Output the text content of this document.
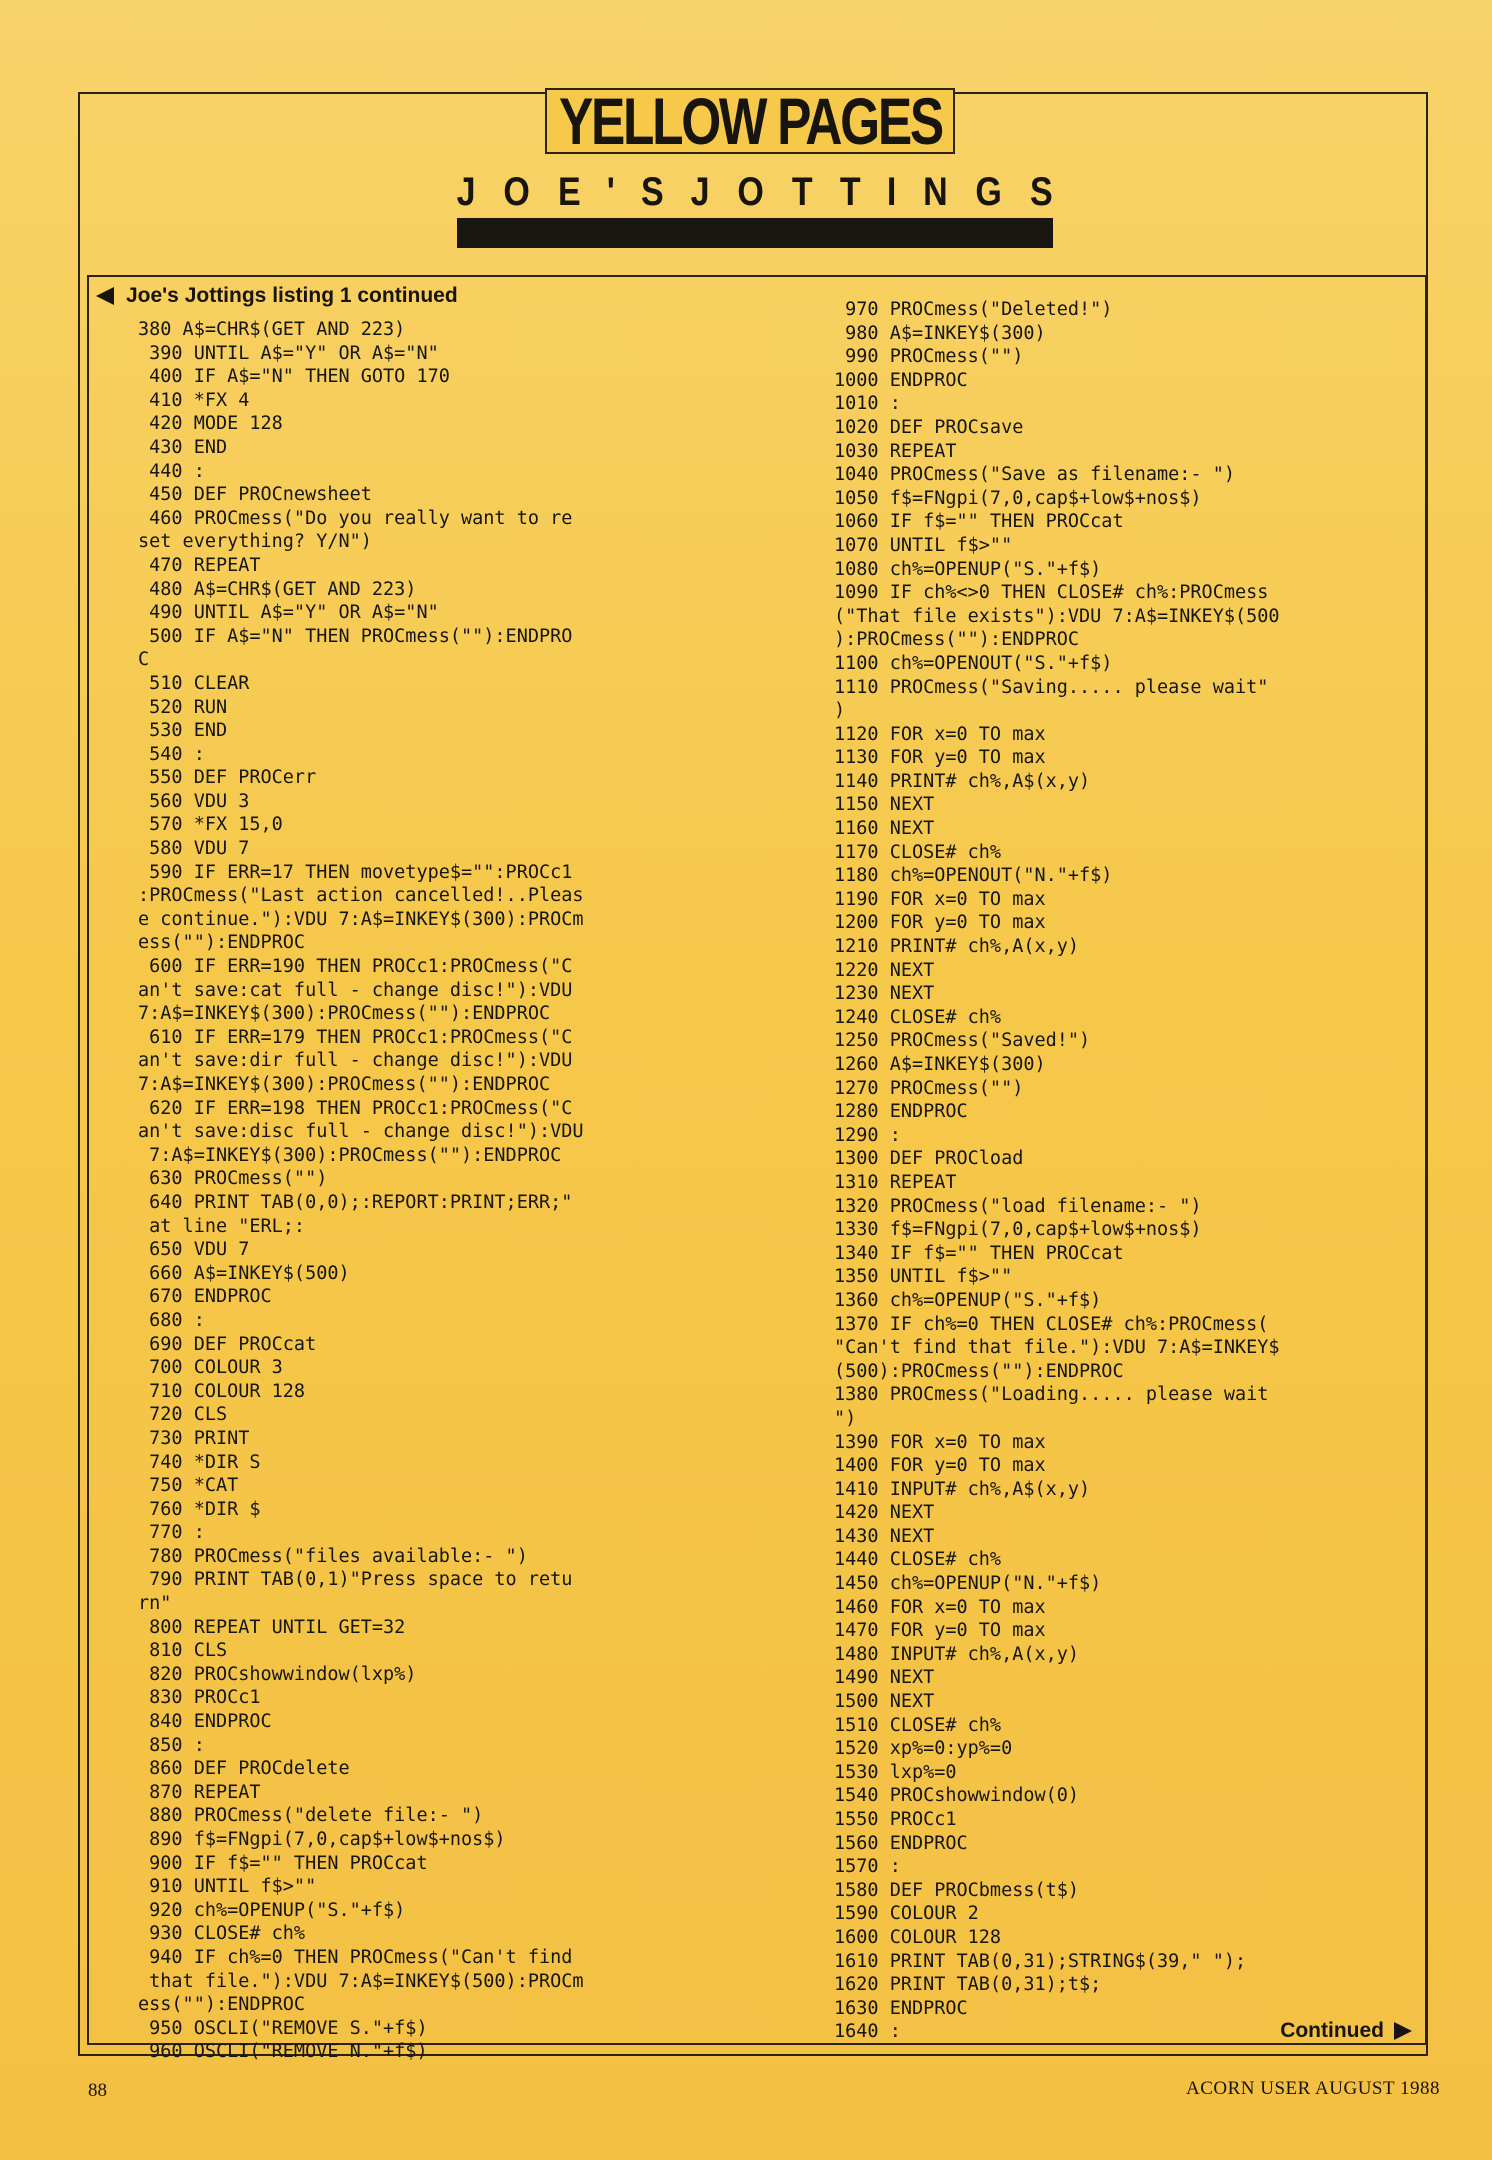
YELLOW PAGES
J O E ' S J O T T I N G S
Joe's Jottings listing 1 continued
380 A$=CHR$(GET AND 223)
390 UNTIL A$="Y" OR A$="N"
400 IF A$="N" THEN GOTO 170
410 *FX 4
420 MODE 128
430 END
440 :
450 DEF PROCnewsheet
460 PROCmess("Do you really want to re
set everything? Y/N")
470 REPEAT
480 A$=CHR$(GET AND 223)
490 UNTIL A$="Y" OR A$="N"
500 IF A$="N" THEN PROCmess(""):ENDPRO
C
510 CLEAR
520 RUN
530 END
540 :
550 DEF PROCerr
560 VDU 3
570 *FX 15,0
580 VDU 7
590 IF ERR=17 THEN movetype$="":PROCc1
:PROCmess("Last action cancelled!..Pleas
e continue."):VDU 7:A$=INKEY$(300):PROCm
ess(""):ENDPROC
600 IF ERR=190 THEN PROCc1:PROCmess("C
an't save:cat full - change disc!"):VDU
7:A$=INKEY$(300):PROCmess(""):ENDPROC
610 IF ERR=179 THEN PROCc1:PROCmess("C
an't save:dir full - change disc!"):VDU
7:A$=INKEY$(300):PROCmess(""):ENDPROC
620 IF ERR=198 THEN PROCc1:PROCmess("C
an't save:disc full - change disc!"):VDU
7:A$=INKEY$(300):PROCmess(""):ENDPROC
630 PROCmess("")
640 PRINT TAB(0,0);:REPORT:PRINT;ERR;"
at line "ERL;:
650 VDU 7
660 A$=INKEY$(500)
670 ENDPROC
680 :
690 DEF PROCcat
700 COLOUR 3
710 COLOUR 128
720 CLS
730 PRINT
740 *DIR S
750 *CAT
760 *DIR $
770 :
780 PROCmess("files available:- ")
790 PRINT TAB(0,1)"Press space to retu
rn"
800 REPEAT UNTIL GET=32
810 CLS
820 PROCshowwindow(lxp%)
830 PROCc1
840 ENDPROC
850 :
860 DEF PROCdelete
870 REPEAT
880 PROCmess("delete file:- ")
890 f$=FNgpi(7,0,cap$+low$+nos$)
900 IF f$="" THEN PROCcat
910 UNTIL f$>""
920 ch%=OPENUP("S."+f$)
930 CLOSE# ch%
940 IF ch%=0 THEN PROCmess("Can't find
that file."):VDU 7:A$=INKEY$(500):PROCm
ess(""):ENDPROC
950 OSCLI("REMOVE S."+f$)
960 OSCLI("REMOVE N."+f$)
970 PROCmess("Deleted!")
980 A$=INKEY$(300)
990 PROCmess("")
1000 ENDPROC
1010 :
1020 DEF PROCsave
1030 REPEAT
1040 PROCmess("Save as filename:- ")
1050 f$=FNgpi(7,0,cap$+low$+nos$)
1060 IF f$="" THEN PROCcat
1070 UNTIL f$>""
1080 ch%=OPENUP("S."+f$)
1090 IF ch%<>0 THEN CLOSE# ch%:PROCmess
("That file exists"):VDU 7:A$=INKEY$(500
):PROCmess(""):ENDPROC
1100 ch%=OPENOUT("S."+f$)
1110 PROCmess("Saving..... please wait"
)
1120 FOR x=0 TO max
1130 FOR y=0 TO max
1140 PRINT# ch%,A$(x,y)
1150 NEXT
1160 NEXT
1170 CLOSE# ch%
1180 ch%=OPENOUT("N."+f$)
1190 FOR x=0 TO max
1200 FOR y=0 TO max
1210 PRINT# ch%,A(x,y)
1220 NEXT
1230 NEXT
1240 CLOSE# ch%
1250 PROCmess("Saved!")
1260 A$=INKEY$(300)
1270 PROCmess("")
1280 ENDPROC
1290 :
1300 DEF PROCload
1310 REPEAT
1320 PROCmess("load filename:- ")
1330 f$=FNgpi(7,0,cap$+low$+nos$)
1340 IF f$="" THEN PROCcat
1350 UNTIL f$>""
1360 ch%=OPENUP("S."+f$)
1370 IF ch%=0 THEN CLOSE# ch%:PROCmess(
"Can't find that file."):VDU 7:A$=INKEY$
(500):PROCmess(""):ENDPROC
1380 PROCmess("Loading..... please wait
")
1390 FOR x=0 TO max
1400 FOR y=0 TO max
1410 INPUT# ch%,A$(x,y)
1420 NEXT
1430 NEXT
1440 CLOSE# ch%
1450 ch%=OPENUP("N."+f$)
1460 FOR x=0 TO max
1470 FOR y=0 TO max
1480 INPUT# ch%,A(x,y)
1490 NEXT
1500 NEXT
1510 CLOSE# ch%
1520 xp%=0:yp%=0
1530 lxp%=0
1540 PROCshowwindow(0)
1550 PROCc1
1560 ENDPROC
1570 :
1580 DEF PROCbmess(t$)
1590 COLOUR 2
1600 COLOUR 128
1610 PRINT TAB(0,31);STRING$(39," ");
1620 PRINT TAB(0,31);t$;
1630 ENDPROC
1640 :	Continued
88	ACORN USER AUGUST 1988
